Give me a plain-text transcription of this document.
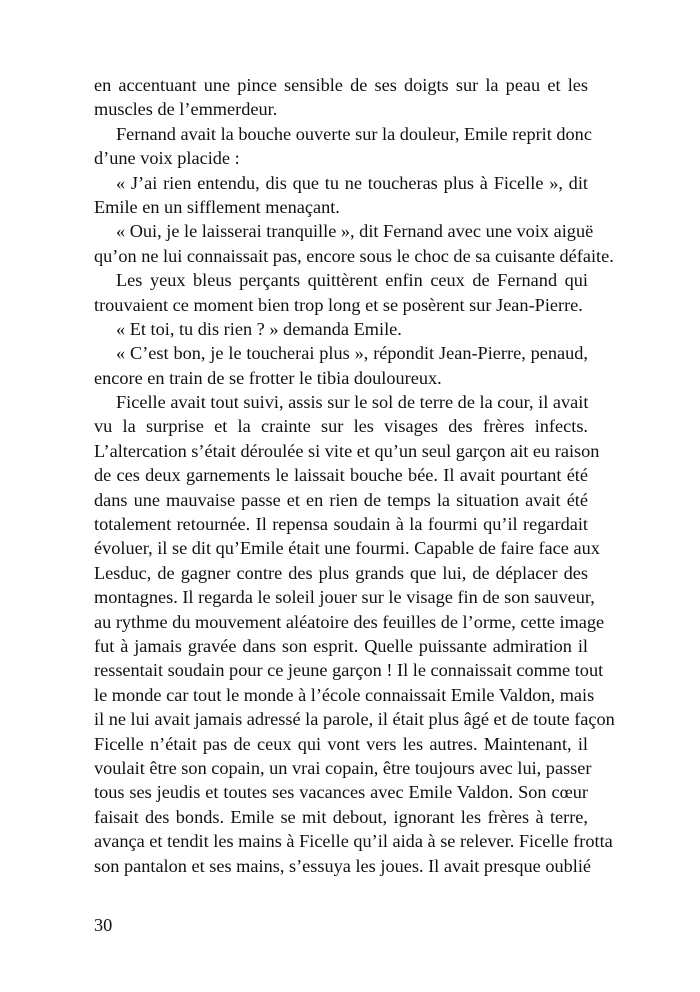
en accentuant une pince sensible de ses doigts sur la peau et les
muscles de l’emmerdeur.
Fernand avait la bouche ouverte sur la douleur, Emile reprit donc
d’une voix placide :
« J’ai rien entendu, dis que tu ne toucheras plus à Ficelle », dit
Emile en un sifflement menaçant.
« Oui, je le laisserai tranquille », dit Fernand avec une voix aiguë
qu’on ne lui connaissait pas, encore sous le choc de sa cuisante défaite.
Les yeux bleus perçants quittèrent enfin ceux de Fernand qui
trouvaient ce moment bien trop long et se posèrent sur Jean-Pierre.
« Et toi, tu dis rien ? » demanda Emile.
« C’est bon, je le toucherai plus », répondit Jean-Pierre, penaud,
encore en train de se frotter le tibia douloureux.
Ficelle avait tout suivi, assis sur le sol de terre de la cour, il avait
vu la surprise et la crainte sur les visages des frères infects.
L’altercation s’était déroulée si vite et qu’un seul garçon ait eu raison
de ces deux garnements le laissait bouche bée. Il avait pourtant été
dans une mauvaise passe et en rien de temps la situation avait été
totalement retournée. Il repensa soudain à la fourmi qu’il regardait
évoluer, il se dit qu’Emile était une fourmi. Capable de faire face aux
Lesduc, de gagner contre des plus grands que lui, de déplacer des
montagnes. Il regarda le soleil jouer sur le visage fin de son sauveur,
au rythme du mouvement aléatoire des feuilles de l’orme, cette image
fut à jamais gravée dans son esprit. Quelle puissante admiration il
ressentait soudain pour ce jeune garçon ! Il le connaissait comme tout
le monde car tout le monde à l’école connaissait Emile Valdon, mais
il ne lui avait jamais adressé la parole, il était plus âgé et de toute façon
Ficelle n’était pas de ceux qui vont vers les autres. Maintenant, il
voulait être son copain, un vrai copain, être toujours avec lui, passer
tous ses jeudis et toutes ses vacances avec Emile Valdon. Son cœur
faisait des bonds. Emile se mit debout, ignorant les frères à terre,
avança et tendit les mains à Ficelle qu’il aida à se relever. Ficelle frotta
son pantalon et ses mains, s’essuya les joues. Il avait presque oublié
30
